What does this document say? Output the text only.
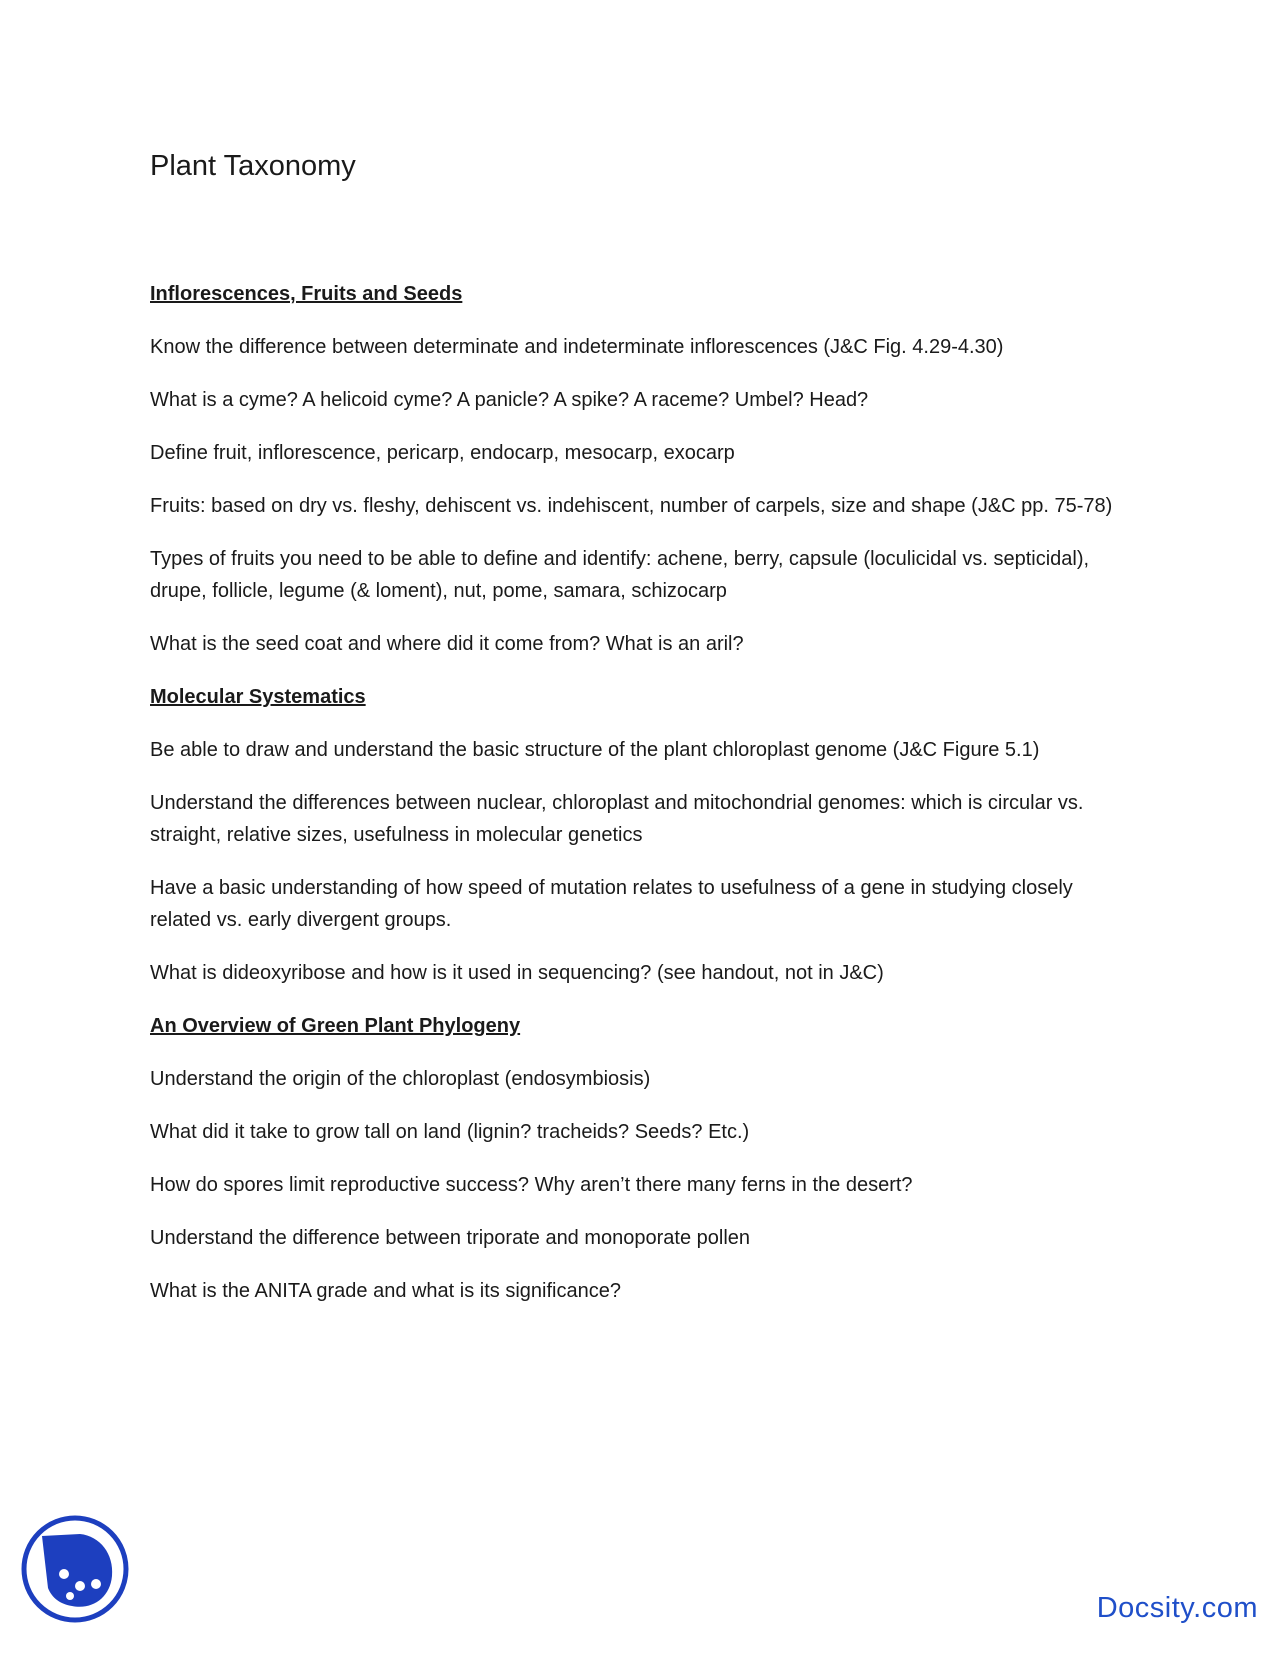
Plant Taxonomy

Inflorescences, Fruits and Seeds

Know the difference between determinate and indeterminate inflorescences (J&C Fig. 4.29-4.30)

What is a cyme? A helicoid cyme? A panicle? A spike? A raceme? Umbel? Head?

Define fruit, inflorescence, pericarp, endocarp, mesocarp, exocarp

Fruits: based on dry vs. fleshy, dehiscent vs. indehiscent, number of carpels, size and shape (J&C pp. 75-78)

Types of fruits you need to be able to define and identify: achene, berry, capsule (loculicidal vs. septicidal), drupe, follicle, legume (& loment), nut, pome, samara, schizocarp

What is the seed coat and where did it come from? What is an aril?

Molecular Systematics

Be able to draw and understand the basic structure of the plant chloroplast genome (J&C Figure 5.1)

Understand the differences between nuclear, chloroplast and mitochondrial genomes: which is circular vs. straight, relative sizes, usefulness in molecular genetics

Have a basic understanding of how speed of mutation relates to usefulness of a gene in studying closely related vs. early divergent groups.

What is dideoxyribose and how is it used in sequencing? (see handout, not in J&C)

An Overview of Green Plant Phylogeny

Understand the origin of the chloroplast (endosymbiosis)

What did it take to grow tall on land (lignin? tracheids? Seeds? Etc.)

How do spores limit reproductive success? Why aren’t there many ferns in the desert?

Understand the difference between triporate and monoporate pollen

What is the ANITA grade and what is its significance?

Docsity.com
